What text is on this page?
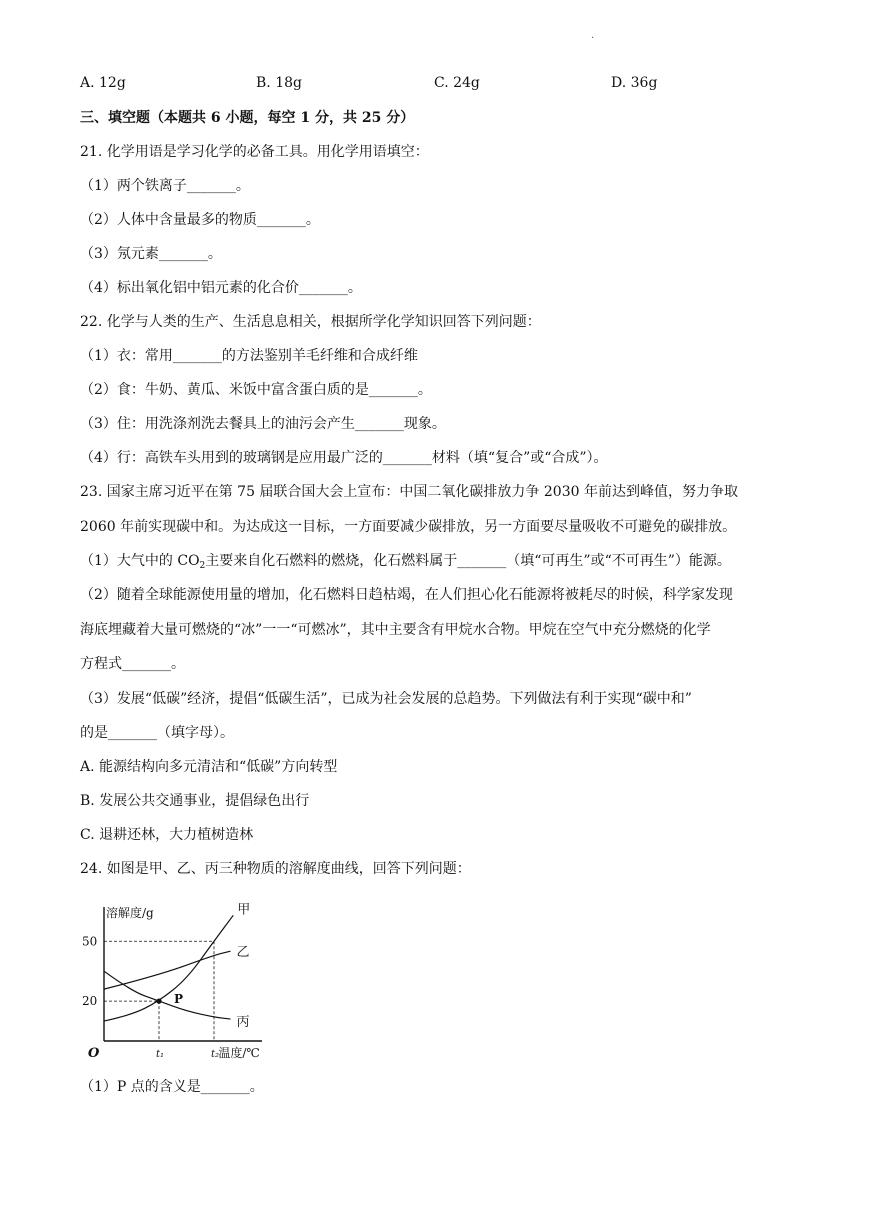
.
A. 12g	B. 18g	C. 24g	D. 36g
三、填空题（本题共 6 小题，每空 1 分，共 25 分）
21. 化学用语是学习化学的必备工具。用化学用语填空：
（1）两个铁离子_______。
（2）人体中含量最多的物质_______。
（3）氖元素_______。
（4）标出氧化铝中铝元素的化合价_______。
22. 化学与人类的生产、生活息息相关，根据所学化学知识回答下列问题：
（1）衣：常用_______的方法鉴别羊毛纤维和合成纤维
（2）食：牛奶、黄瓜、米饭中富含蛋白质的是_______。
（3）住：用洗涤剂洗去餐具上的油污会产生_______现象。
（4）行：高铁车头用到的玻璃钢是应用最广泛的_______材料（填“复合”或“合成”）。
23. 国家主席习近平在第 75 届联合国大会上宣布：中国二氧化碳排放力争 2030 年前达到峰值，努力争取
2060 年前实现碳中和。为达成这一目标，一方面要减少碳排放，另一方面要尽量吸收不可避免的碳排放。
（1）大气中的 $CO_2$主要来自化石燃料的燃烧，化石燃料属于_______（填“可再生”或“不可再生”）能源。
（2）随着全球能源使用量的增加，化石燃料日趋枯竭，在人们担心化石能源将被耗尽的时候，科学家发现
海底埋藏着大量可燃烧的“冰”一一“可燃冰”，其中主要含有甲烷水合物。甲烷在空气中充分燃烧的化学
方程式_______。
（3）发展“低碳”经济，提倡“低碳生活”，已成为社会发展的总趋势。下列做法有利于实现“碳中和”
的是_______（填字母）。
A. 能源结构向多元清洁和“低碳”方向转型
B. 发展公共交通事业，提倡绿色出行
C. 退耕还林，大力植树造林
24. 如图是甲、乙、丙三种物质的溶解度曲线，回答下列问题：
溶解度/g
温度/℃
O
50
20
t₁	t₂
甲
乙
丙
P
（1）P 点的含义是_______。
